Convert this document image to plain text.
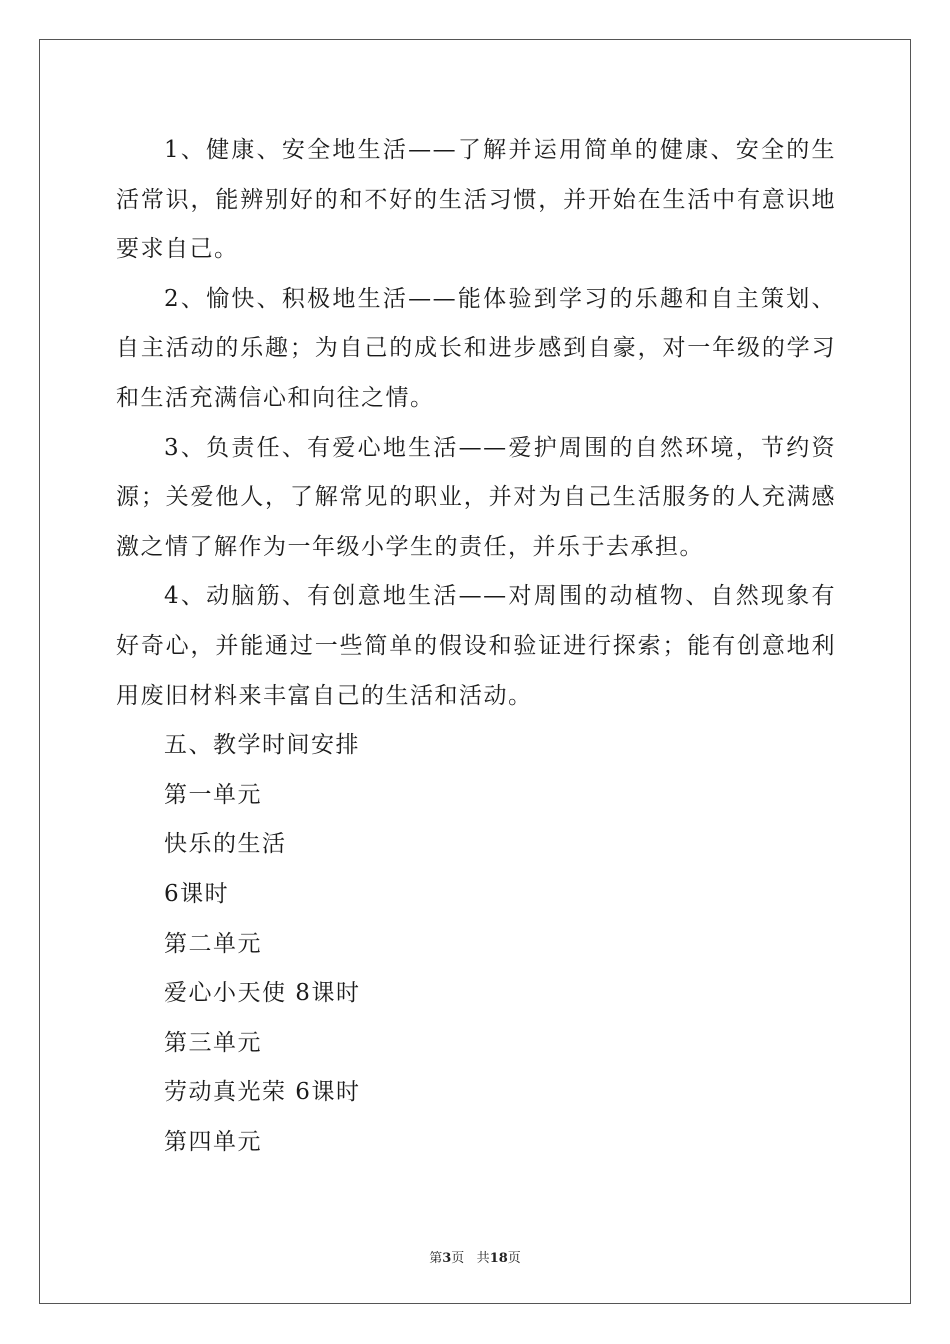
1、健康、安全地生活——了解并运用简单的健康、安全的生活常识，能辨别好的和不好的生活习惯，并开始在生活中有意识地要求自己。

2、愉快、积极地生活——能体验到学习的乐趣和自主策划、自主活动的乐趣；为自己的成长和进步感到自豪，对一年级的学习和生活充满信心和向往之情。

3、负责任、有爱心地生活——爱护周围的自然环境，节约资源；关爱他人，了解常见的职业，并对为自己生活服务的人充满感激之情了解作为一年级小学生的责任，并乐于去承担。

4、动脑筋、有创意地生活——对周围的动植物、自然现象有好奇心，并能通过一些简单的假设和验证进行探索；能有创意地利用废旧材料来丰富自己的生活和活动。

五、教学时间安排

第一单元

快乐的生活

6课时

第二单元

爱心小天使 8课时

第三单元

劳动真光荣 6课时

第四单元

第3页 共18页
